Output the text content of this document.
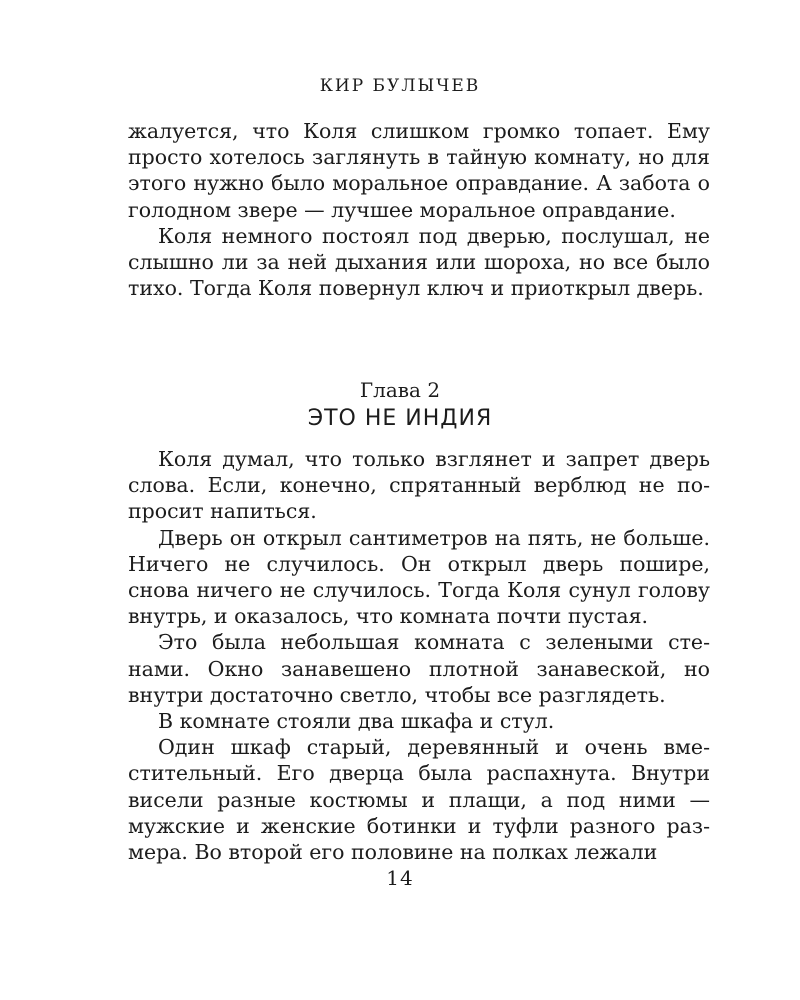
КИР БУЛЫЧЕВ

жалуется, что Коля слишком громко топает. Ему просто хотелось заглянуть в тайную комнату, но для этого нужно было моральное оправдание. А забота о голодном звере — лучшее моральное оправдание.

Коля немного постоял под дверью, послушал, не слышно ли за ней дыхания или шороха, но все было тихо. Тогда Коля повернул ключ и приоткрыл дверь.

Глава 2
ЭТО НЕ ИНДИЯ

Коля думал, что только взглянет и запрет дверь слова. Если, конечно, спрятанный верблюд не попросит напиться.

Дверь он открыл сантиметров на пять, не больше. Ничего не случилось. Он открыл дверь пошире, снова ничего не случилось. Тогда Коля сунул голову внутрь, и оказалось, что комната почти пустая.

Это была небольшая комната с зелеными стенами. Окно занавешено плотной занавеской, но внутри достаточно светло, чтобы все разглядеть.

В комнате стояли два шкафа и стул.

Один шкаф старый, деревянный и очень вместительный. Его дверца была распахнута. Внутри висели разные костюмы и плащи, а под ними — мужские и женские ботинки и туфли разного размера. Во второй его половине на полках лежали

14
